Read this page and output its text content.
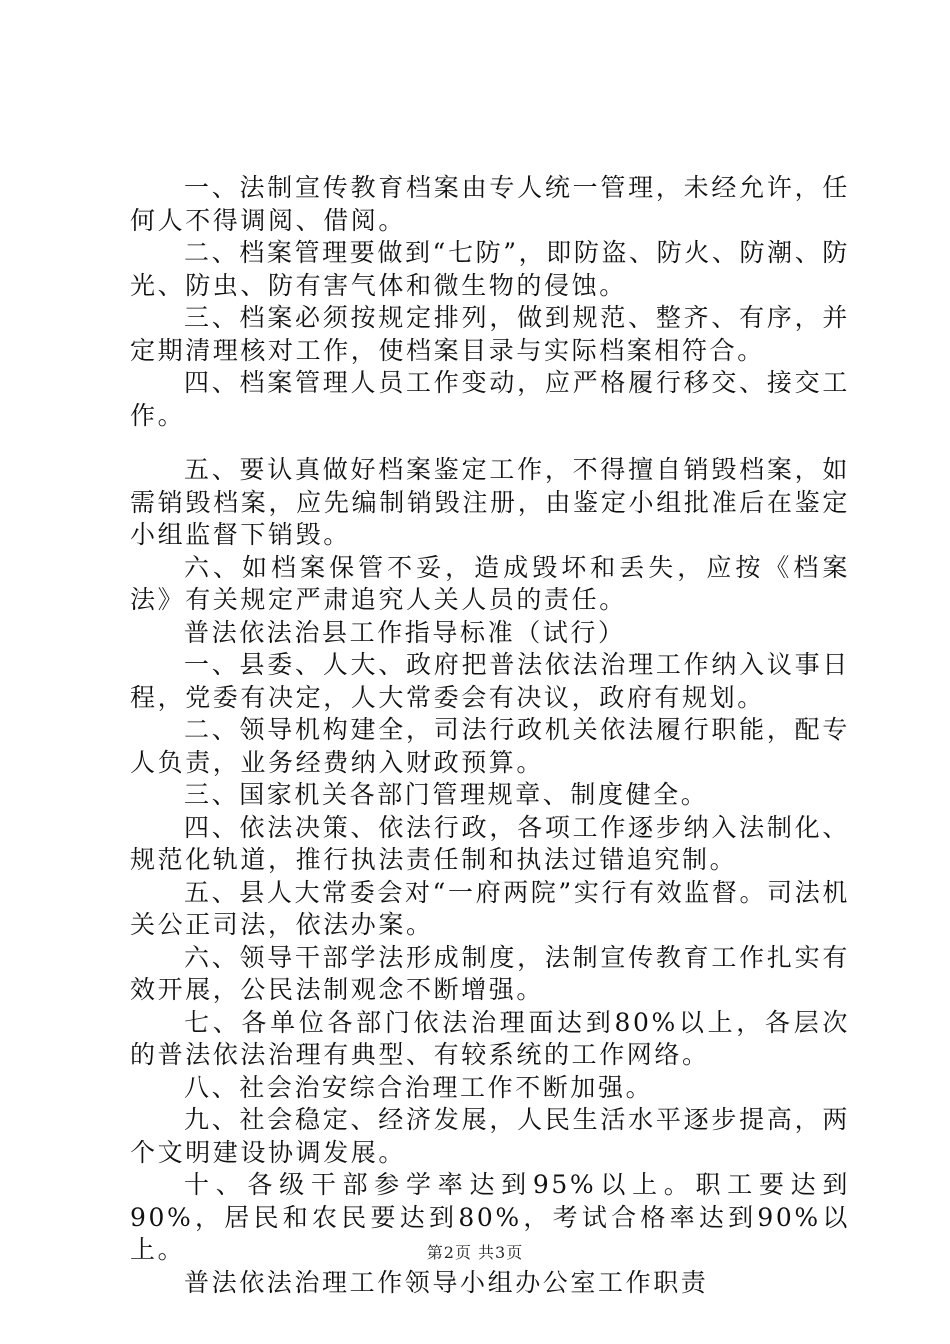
一、法制宣传教育档案由专人统一管理，未经允许，任何人不得调阅、借阅。

二、档案管理要做到“七防”，即防盗、防火、防潮、防光、防虫、防有害气体和微生物的侵蚀。

三、档案必须按规定排列，做到规范、整齐、有序，并定期清理核对工作，使档案目录与实际档案相符合。

四、档案管理人员工作变动，应严格履行移交、接交工作。

五、要认真做好档案鉴定工作，不得擅自销毁档案，如需销毁档案，应先编制销毁注册，由鉴定小组批准后在鉴定小组监督下销毁。

六、如档案保管不妥，造成毁坏和丢失，应按《档案法》有关规定严肃追究人关人员的责任。

普法依法治县工作指导标准（试行）

一、县委、人大、政府把普法依法治理工作纳入议事日程，党委有决定，人大常委会有决议，政府有规划。

二、领导机构建全，司法行政机关依法履行职能，配专人负责，业务经费纳入财政预算。

三、国家机关各部门管理规章、制度健全。

四、依法决策、依法行政，各项工作逐步纳入法制化、规范化轨道，推行执法责任制和执法过错追究制。

五、县人大常委会对“一府两院”实行有效监督。司法机关公正司法，依法办案。

六、领导干部学法形成制度，法制宣传教育工作扎实有效开展，公民法制观念不断增强。

七、各单位各部门依法治理面达到80%以上，各层次的普法依法治理有典型、有较系统的工作网络。

八、社会治安综合治理工作不断加强。

九、社会稳定、经济发展，人民生活水平逐步提高，两个文明建设协调发展。

十、各级干部参学率达到95%以上。职工要达到90%，居民和农民要达到80%，考试合格率达到90%以上。

普法依法治理工作领导小组办公室工作职责

第2页 共3页
